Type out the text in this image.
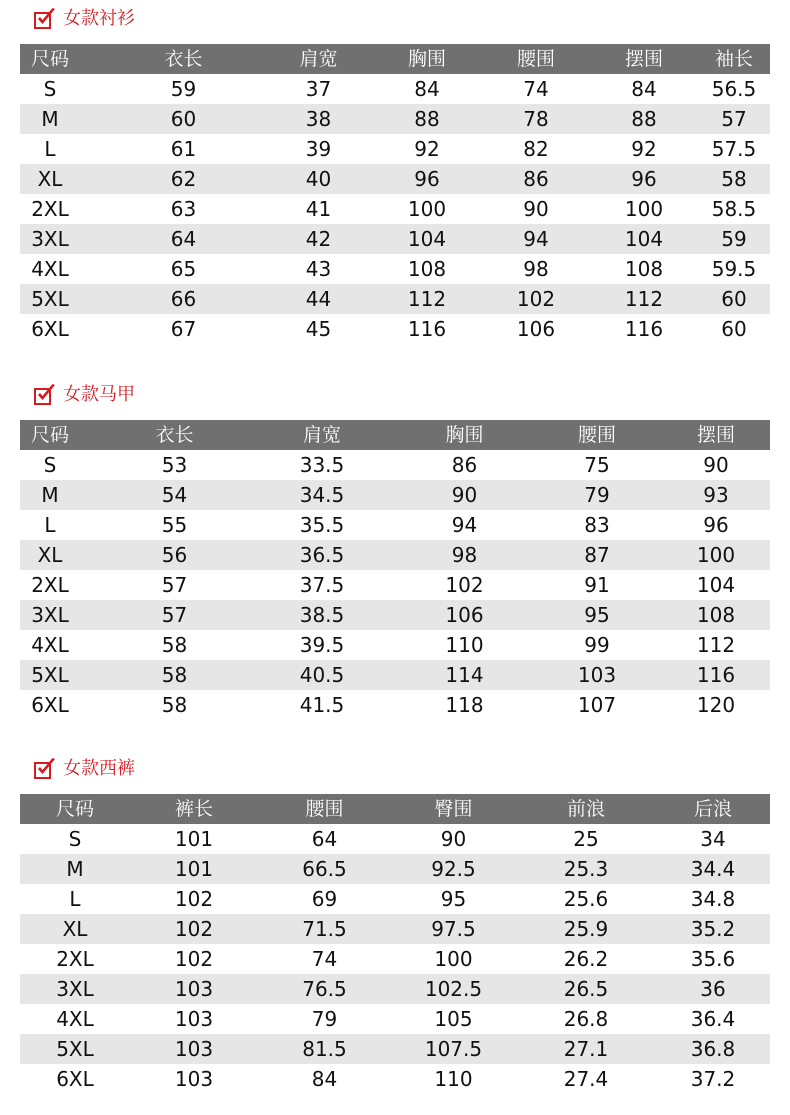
女款衬衫
尺码	衣长	肩宽	胸围	腰围	摆围	袖长
S	59	37	84	74	84	56.5
M	60	38	88	78	88	57
L	61	39	92	82	92	57.5
XL	62	40	96	86	96	58
2XL	63	41	100	90	100	58.5
3XL	64	42	104	94	104	59
4XL	65	43	108	98	108	59.5
5XL	66	44	112	102	112	60
6XL	67	45	116	106	116	60
女款马甲
尺码	衣长	肩宽	胸围	腰围	摆围
S	53	33.5	86	75	90
M	54	34.5	90	79	93
L	55	35.5	94	83	96
XL	56	36.5	98	87	100
2XL	57	37.5	102	91	104
3XL	57	38.5	106	95	108
4XL	58	39.5	110	99	112
5XL	58	40.5	114	103	116
6XL	58	41.5	118	107	120
女款西裤
尺码	裤长	腰围	臀围	前浪	后浪
S	101	64	90	25	34
M	101	66.5	92.5	25.3	34.4
L	102	69	95	25.6	34.8
XL	102	71.5	97.5	25.9	35.2
2XL	102	74	100	26.2	35.6
3XL	103	76.5	102.5	26.5	36
4XL	103	79	105	26.8	36.4
5XL	103	81.5	107.5	27.1	36.8
6XL	103	84	110	27.4	37.2
